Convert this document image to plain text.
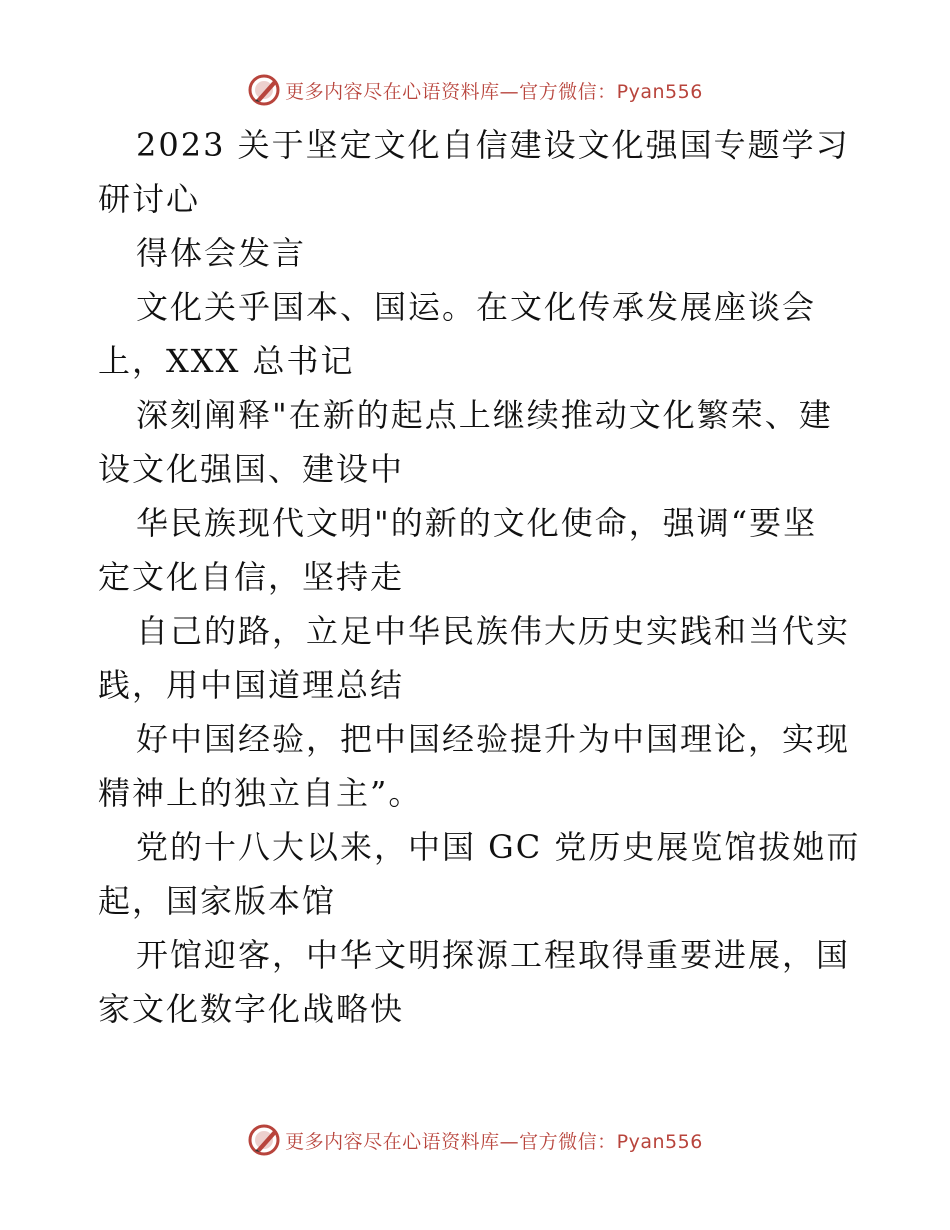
更多内容尽在心语资料库—官方微信：Pyan556
2023 关于坚定文化自信建设文化强国专题学习
研讨心
得体会发言
文化关乎国本、国运。在文化传承发展座谈会
上，XXX 总书记
深刻阐释"在新的起点上继续推动文化繁荣、建
设文化强国、建设中
华民族现代文明"的新的文化使命，强调“要坚
定文化自信，坚持走
自己的路，立足中华民族伟大历史实践和当代实
践，用中国道理总结
好中国经验，把中国经验提升为中国理论，实现
精神上的独立自主”。
党的十八大以来，中国 GC 党历史展览馆拔她而
起，国家版本馆
开馆迎客，中华文明探源工程取得重要进展，国
家文化数字化战略快
更多内容尽在心语资料库—官方微信：Pyan556
